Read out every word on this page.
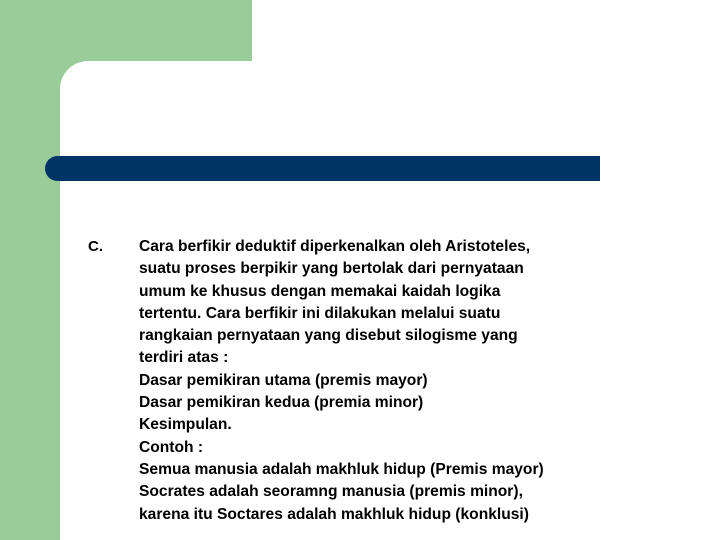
C. Cara berfikir deduktif diperkenalkan oleh Aristoteles,
suatu proses berpikir yang bertolak dari pernyataan
umum ke khusus dengan memakai kaidah logika
tertentu. Cara berfikir ini dilakukan melalui suatu
rangkaian pernyataan yang disebut silogisme yang
terdiri atas :
Dasar pemikiran utama (premis mayor)
Dasar pemikiran kedua (premia minor)
Kesimpulan.
Contoh :
Semua manusia adalah makhluk hidup (Premis mayor)
Socrates adalah seoramng manusia (premis minor),
karena itu Soctares adalah makhluk hidup (konklusi)
